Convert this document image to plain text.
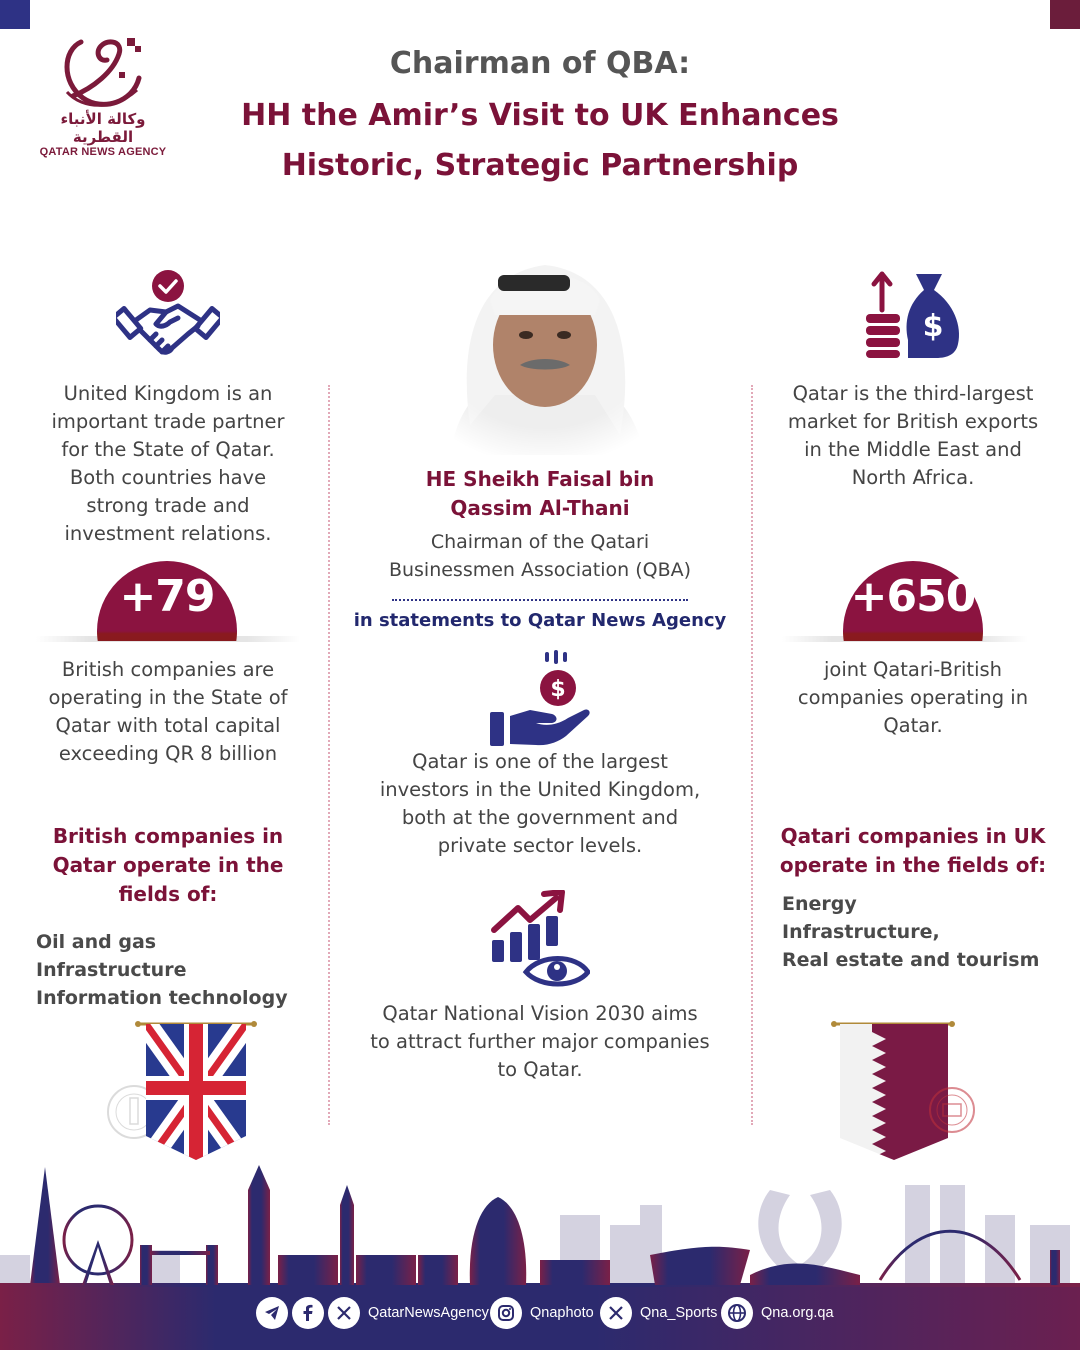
وكالة الأنباء القطرية
QATAR NEWS AGENCY
Chairman of QBA:
HH the Amir’s Visit to UK Enhances
Historic, Strategic Partnership
United Kingdom is an important trade partner for the State of Qatar. Both countries have strong trade and investment relations.
+79
British companies are operating in the State of Qatar with total capital exceeding QR 8 billion
British companies in Qatar operate in the fields of:
Oil and gas
Infrastructure
Information technology
HE Sheikh Faisal bin
Qassim Al-Thani
Chairman of the Qatari
Businessmen Association (QBA)
in statements to Qatar News Agency
$
Qatar is one of the largest investors in the United Kingdom, both at the government and private sector levels.
Qatar National Vision 2030 aims to attract further major companies to Qatar.
$
Qatar is the third-largest market for British exports in the Middle East and North Africa.
+650
joint Qatari-British companies operating in Qatar.
Qatari companies in UK operate in the fields of:
Energy
Infrastructure,
Real estate and tourism
QatarNewsAgency	Qnaphoto	Qna_Sports	Qna.org.qa
